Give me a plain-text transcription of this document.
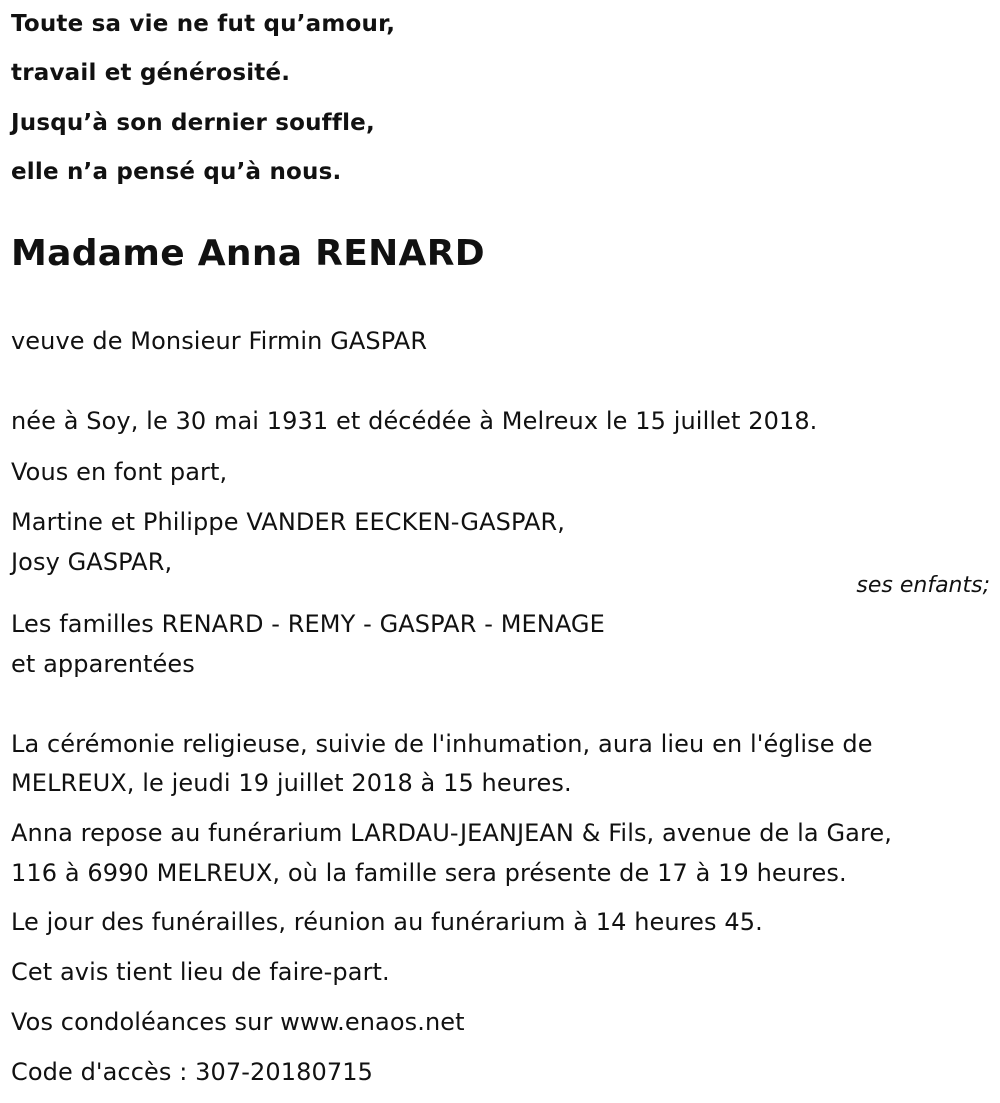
Toute sa vie ne fut qu’amour,

travail et générosité.

Jusqu’à son dernier souffle,

elle n’a pensé qu’à nous.

Madame Anna RENARD

veuve de Monsieur Firmin GASPAR

née à Soy, le 30 mai 1931 et décédée à Melreux le 15 juillet 2018.

Vous en font part,

Martine et Philippe VANDER EECKEN-GASPAR,

Josy GASPAR,

ses enfants;

Les familles RENARD - REMY - GASPAR - MENAGE

et apparentées

La cérémonie religieuse, suivie de l'inhumation, aura lieu en l'église de

MELREUX, le jeudi 19 juillet 2018 à 15 heures.

Anna repose au funérarium LARDAU-JEANJEAN & Fils, avenue de la Gare,

116 à 6990 MELREUX, où la famille sera présente de 17 à 19 heures.

Le jour des funérailles, réunion au funérarium à 14 heures 45.

Cet avis tient lieu de faire-part.

Vos condoléances sur www.enaos.net

Code d'accès : 307-20180715
